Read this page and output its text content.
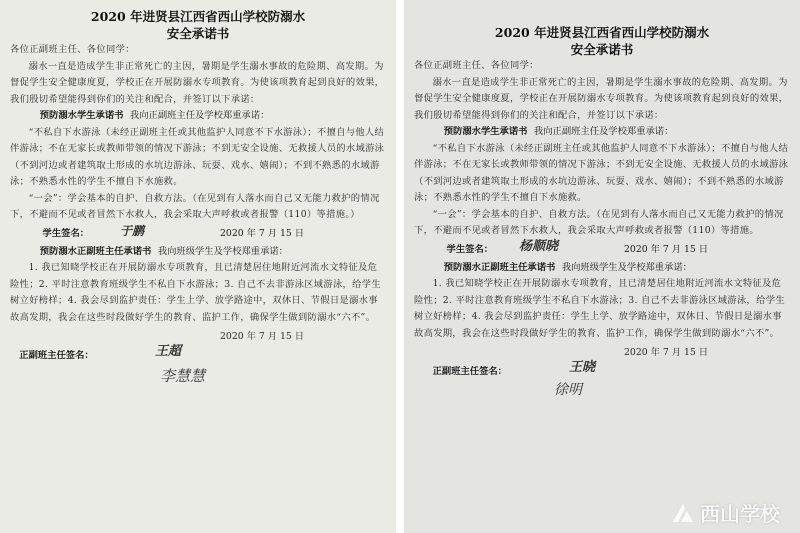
2020 年进贤县江西省西山学校防溺水
安全承诺书

各位正副班主任、各位同学：

溺水一直是造成学生非正常死亡的主因，暑期是学生溺水事故的危险期、高发期。为督促学生安全健康度夏，学校正在开展防溺水专项教育。为使该项教育起到良好的效果，我们殷切希望能得到你们的关注和配合，并签订以下承诺：

预防溺水学生承诺书 我向正副班主任及学校郑重承诺：

“不私自下水游泳（未经正副班主任或其他监护人同意不下水游泳）；不擅自与他人结伴游泳；不在无家长或教师带领的情况下游泳；不到无安全设施、无救援人员的水域游泳（不到河边或者建筑取土形成的水坑边游泳、玩耍、戏水、嬉闹）；不到不熟悉的水域游泳；不熟悉水性的学生不擅自下水施救。

“一会”：学会基本的自护、自救方法。（在见到有人落水而自己又无能力救护的情况下，不避而不见或者冒然下水救人，我会采取大声呼救或者报警（110）等措施。）

学生签名：	于鹏	2020 年 7 月 15 日

预防溺水正副班主任承诺书 我向班级学生及学校郑重承诺：

1. 我已知晓学校正在开展防溺水专项教育，且已清楚居住地附近河流水文特征及危险性；2. 平时注意教育班级学生不私自下水游泳；3. 自己不去非游泳区域游泳，给学生树立好榜样；4. 我会尽到监护责任：学生上学、放学路途中，双休日、节假日是溺水事故高发期，我会在这些时段做好学生的教育、监护工作，确保学生做到防溺水“六不”。

2020 年 7 月 15 日

正副班主任签名：	王超
李慧慧
2020 年进贤县江西省西山学校防溺水
安全承诺书

各位正副班主任、各位同学：

溺水一直是造成学生非正常死亡的主因，暑期是学生溺水事故的危险期、高发期。为督促学生安全健康度夏，学校正在开展防溺水专项教育。为使该项教育起到良好的效果，我们殷切希望能得到你们的关注和配合，并签订以下承诺：

预防溺水学生承诺书 我向正副班主任及学校郑重承诺：

“不私自下水游泳（未经正副班主任或其他监护人同意不下水游泳）；不擅自与他人结伴游泳；不在无家长或教师带领的情况下游泳；不到无安全设施、无救援人员的水域游泳（不到河边或者建筑取土形成的水坑边游泳、玩耍、戏水、嬉闹）；不到不熟悉的水域游泳；不熟悉水性的学生不擅自下水施救。

“一会”：学会基本的自护、自救方法。（在见到有人落水而自己又无能力救护的情况下，不避而不见或者冒然下水救人，我会采取大声呼救或者报警（110）等措施。

学生签名： 杨顺晓	2020 年 7 月 15 日

预防溺水正副班主任承诺书 我向班级学生及学校郑重承诺：

1. 我已知晓学校正在开展防溺水专项教育，且已清楚居住地附近河流水文特征及危险性；2. 平时注意教育班级学生不私自下水游泳；3. 自己不去非游泳区域游泳，给学生树立好榜样；4. 我会尽到监护责任：学生上学、放学路途中，双休日、节假日是溺水事故高发期，我会在这些时段做好学生的教育、监护工作，确保学生做到防溺水“六不”。

2020 年 7 月 15 日

正副班主任签名：	王晓
徐明
西山学校
